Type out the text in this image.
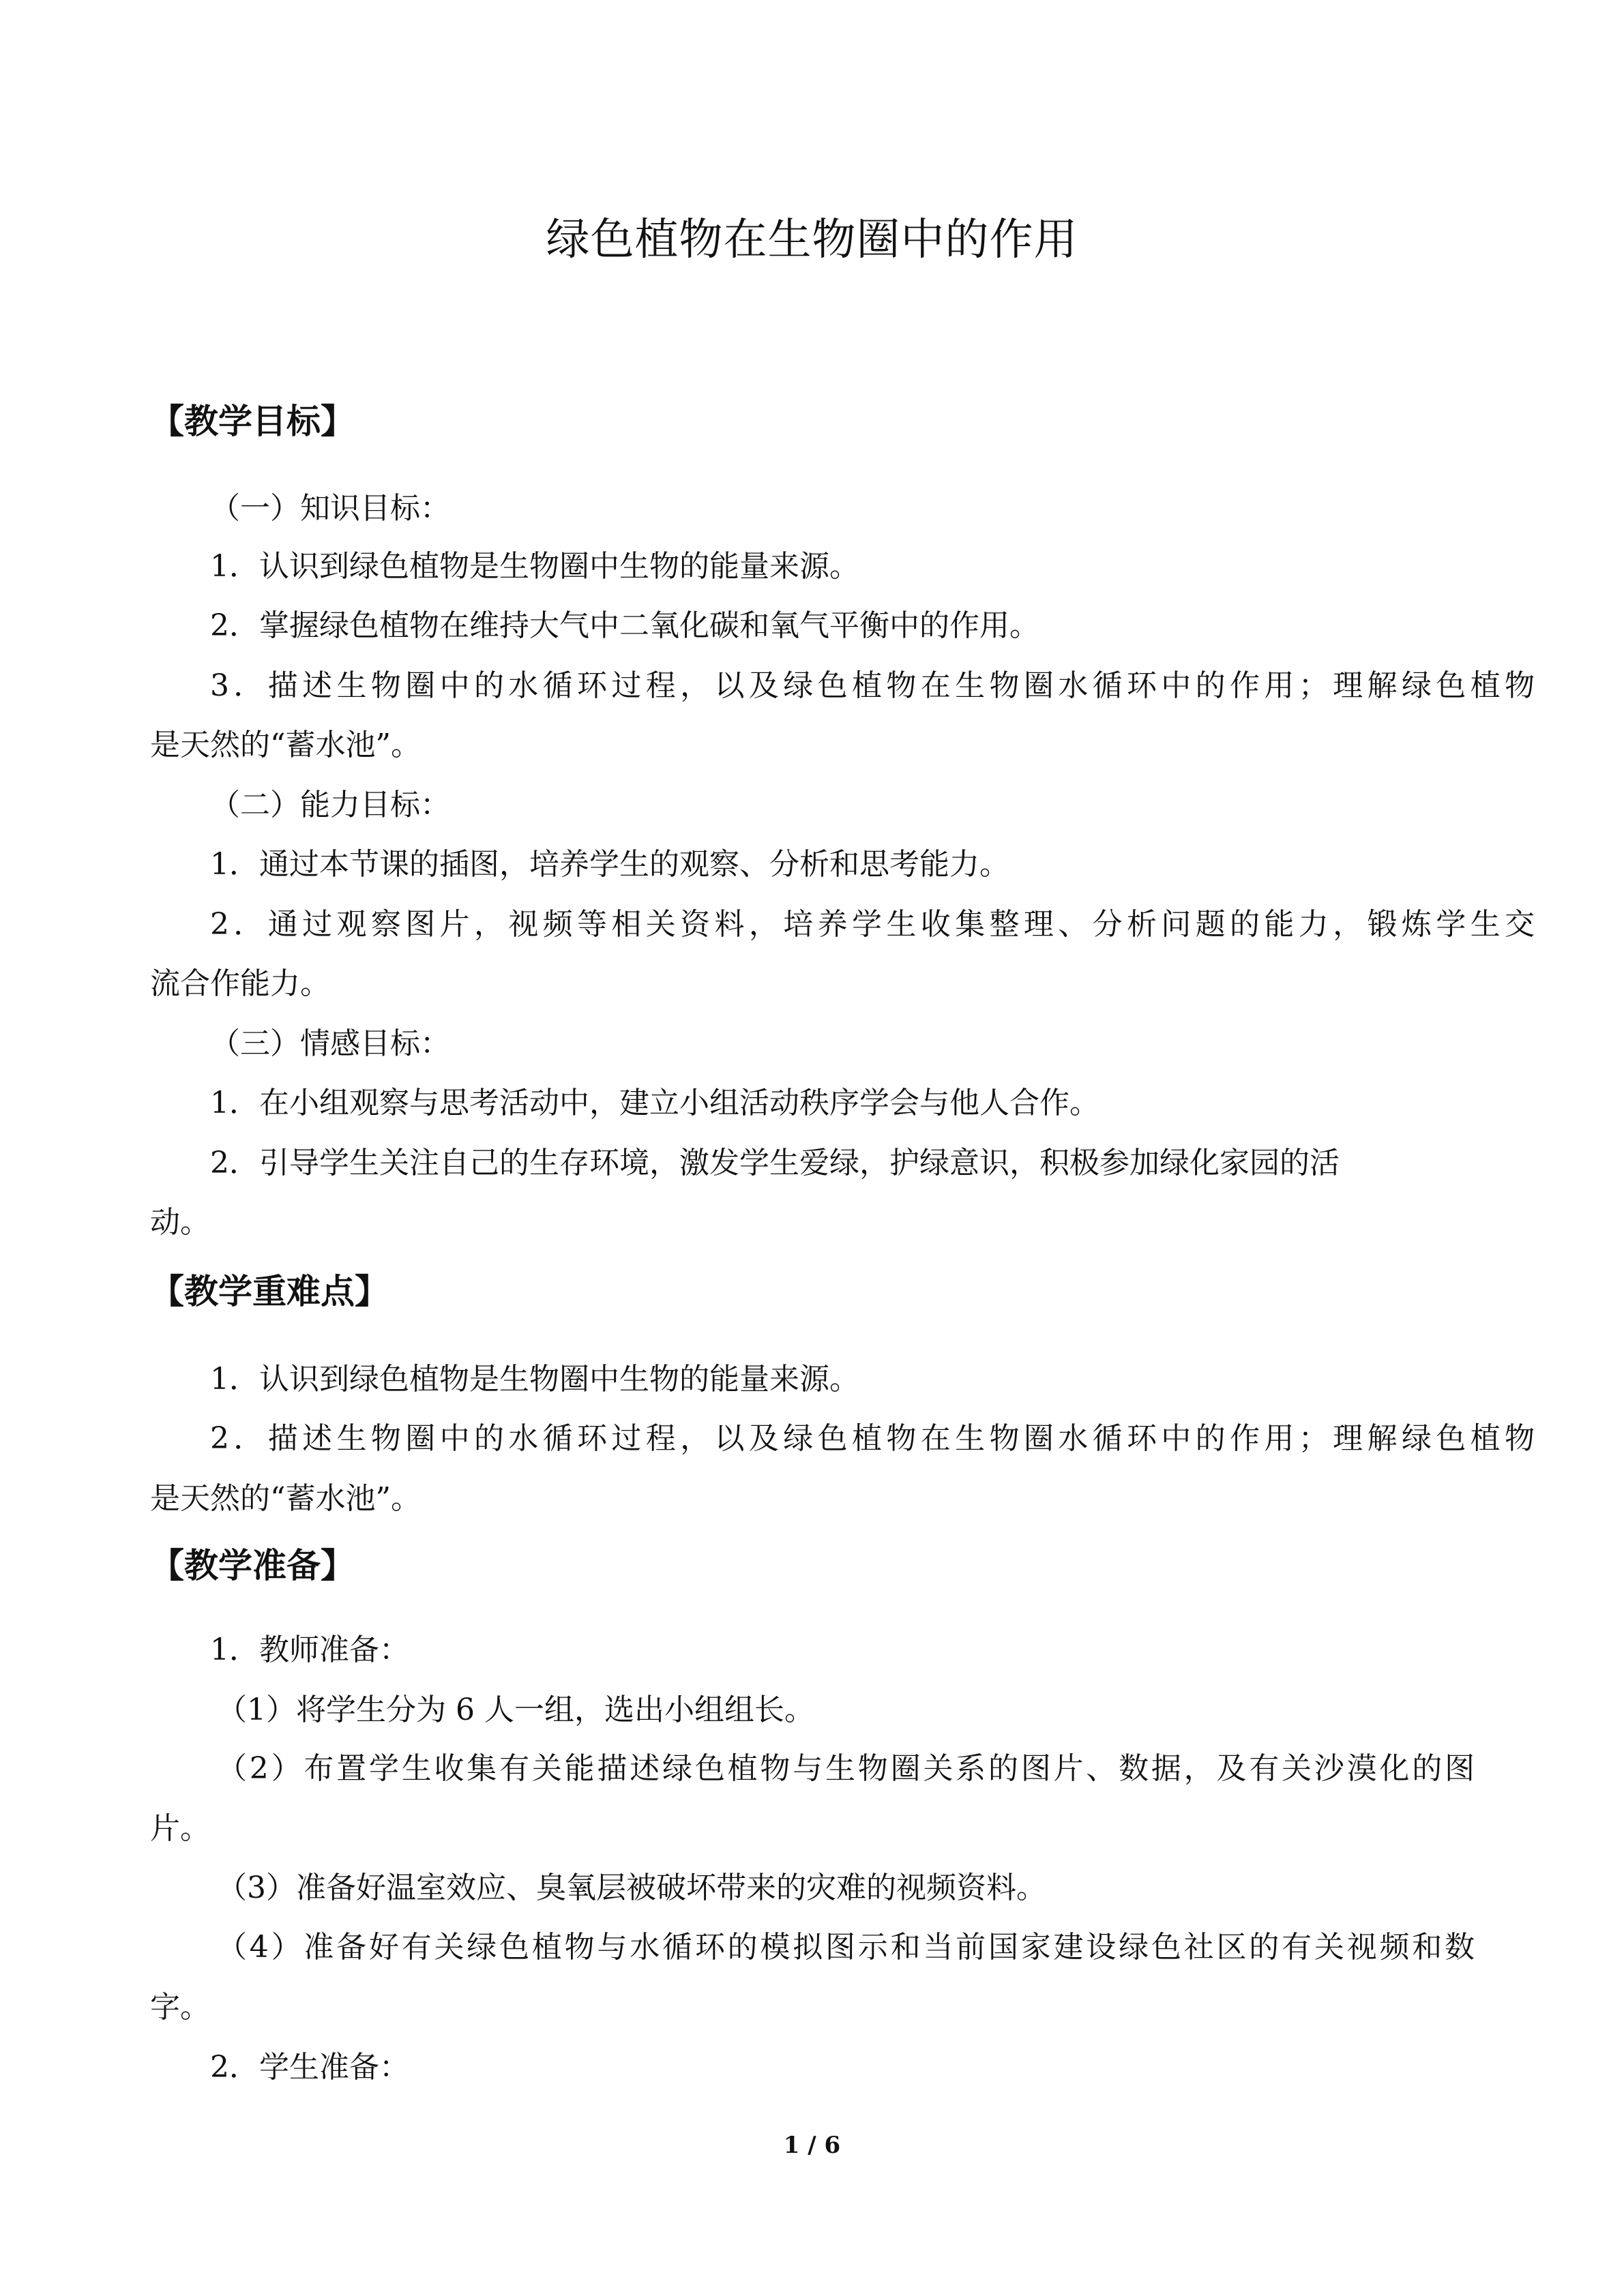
绿色植物在生物圈中的作用
【教学目标】
（一）知识目标：
1．认识到绿色植物是生物圈中生物的能量来源。
2．掌握绿色植物在维持大气中二氧化碳和氧气平衡中的作用。
3．描述生物圈中的水循环过程，以及绿色植物在生物圈水循环中的作用；理解绿色植物
是天然的“蓄水池”。
（二）能力目标：
1．通过本节课的插图，培养学生的观察、分析和思考能力。
2．通过观察图片，视频等相关资料，培养学生收集整理、分析问题的能力，锻炼学生交
流合作能力。
（三）情感目标：
1．在小组观察与思考活动中，建立小组活动秩序学会与他人合作。
2．引导学生关注自己的生存环境，激发学生爱绿，护绿意识，积极参加绿化家园的活
动。
【教学重难点】
1．认识到绿色植物是生物圈中生物的能量来源。
2．描述生物圈中的水循环过程，以及绿色植物在生物圈水循环中的作用；理解绿色植物
是天然的“蓄水池”。
【教学准备】
1．教师准备：
（1）将学生分为 6 人一组，选出小组组长。
（2）布置学生收集有关能描述绿色植物与生物圈关系的图片、数据，及有关沙漠化的图
片。
（3）准备好温室效应、臭氧层被破坏带来的灾难的视频资料。
（4）准备好有关绿色植物与水循环的模拟图示和当前国家建设绿色社区的有关视频和数
字。
2．学生准备：
1 / 6
